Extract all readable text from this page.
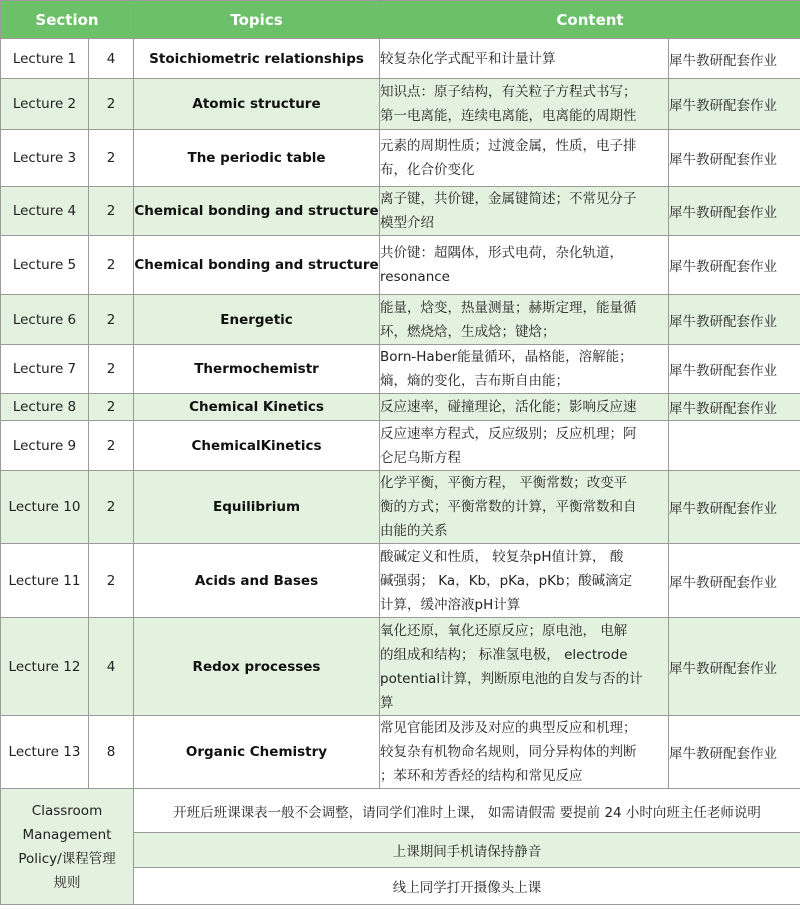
Section		Topics	Content	
Lecture 1	4	Stoichiometric relationships	较复杂化学式配平和计量计算	犀牛教研配套作业
Lecture 2	2	Atomic structure	知识点：原子结构，有关粒子方程式书写；
第一电离能，连续电离能，电离能的周期性	犀牛教研配套作业
Lecture 3	2	The periodic table	元素的周期性质；过渡金属，性质，电子排
布，化合价变化	犀牛教研配套作业
Lecture 4	2	Chemical bonding and structure	离子键，共价键，金属键简述；不常见分子
模型介绍	犀牛教研配套作业
Lecture 5	2	Chemical bonding and structure	共价键：超隅体，形式电荷，杂化轨道，
resonance	犀牛教研配套作业
Lecture 6	2	Energetic	能量，焓变，热量测量；赫斯定理，能量循
环，燃烧焓，生成焓；键焓；	犀牛教研配套作业
Lecture 7	2	Thermochemistr	Born-Haber能量循环，晶格能，溶解能；
熵，熵的变化，吉布斯自由能；	犀牛教研配套作业
Lecture 8	2	Chemical Kinetics	反应速率，碰撞理论，活化能；影响反应速	犀牛教研配套作业
Lecture 9	2	ChemicalKinetics	反应速率方程式，反应级别；反应机理；阿
仑尼乌斯方程	

Lecture 10	2	Equilibrium	化学平衡，平衡方程， 平衡常数；改变平
衡的方式；平衡常数的计算，平衡常数和自
由能的关系	犀牛教研配套作业
Lecture 11	2	Acids and Bases	酸碱定义和性质， 较复杂pH值计算， 酸
碱强弱； Ka，Kb，pKa，pKb；酸碱滴定
计算，缓冲溶液pH计算	犀牛教研配套作业
Lecture 12	4	Redox processes	氧化还原，氧化还原反应；原电池， 电解
的组成和结构； 标准氢电极， electrode
potential计算，判断原电池的自发与否的计
算	犀牛教研配套作业
Lecture 13	8	Organic Chemistry	常见官能团及涉及对应的典型反应和机理；
较复杂有机物命名规则，同分异构体的判断
；苯环和芳香烃的结构和常见反应	犀牛教研配套作业

Classroom
Management
Policy/课程管理
规则		开班后班课课表一般不会调整，请同学们准时上课， 如需请假需 要提前 24 小时向班主任老师说明		
		上课期间手机请保持静音		
		线上同学打开摄像头上课		
